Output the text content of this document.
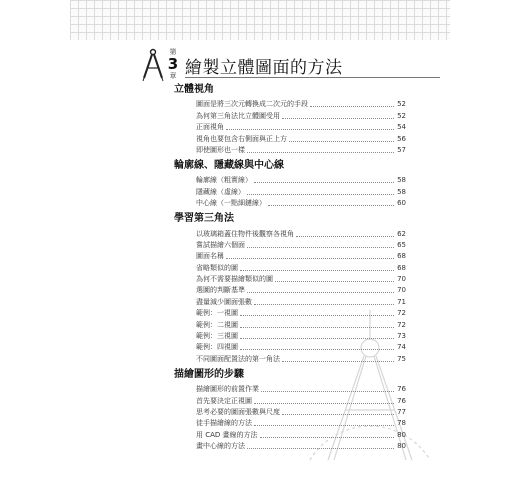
第
3
章 繪製立體圖面的方法
立體視角
圖面是將三次元轉換成二次元的手段	52
為何第三角法比立體圖受用	52
正面視角	54
視角也要包含右側面與正上方	56
即使圖形也一樣	57
輪廓線、隱藏線與中心線
輪廓線（粗實線）	58
隱藏線（虛線）	58
中心線（一點細鏈線）	60
學習第三角法
以玻璃箱蓋住物件後觀察各視角	62
嘗試描繪六個面	65
圖面名稱	68
省略類似的圖	68
為何不需要描繪類似的圖	70
選圖的判斷基準	70
盡量減少圖面張數	71
範例：一視圖	72
範例：二視圖	72
範例：三視圖	73
範例：四視圖	74
不同圖面配置法的第一角法	75
描繪圖形的步驟
描繪圖形的前置作業	76
首先要決定正視圖	76
思考必要的圖面張數與尺度	77
徒手描繪線的方法	78
用 CAD 畫線的方法	80
畫中心線的方法	80
